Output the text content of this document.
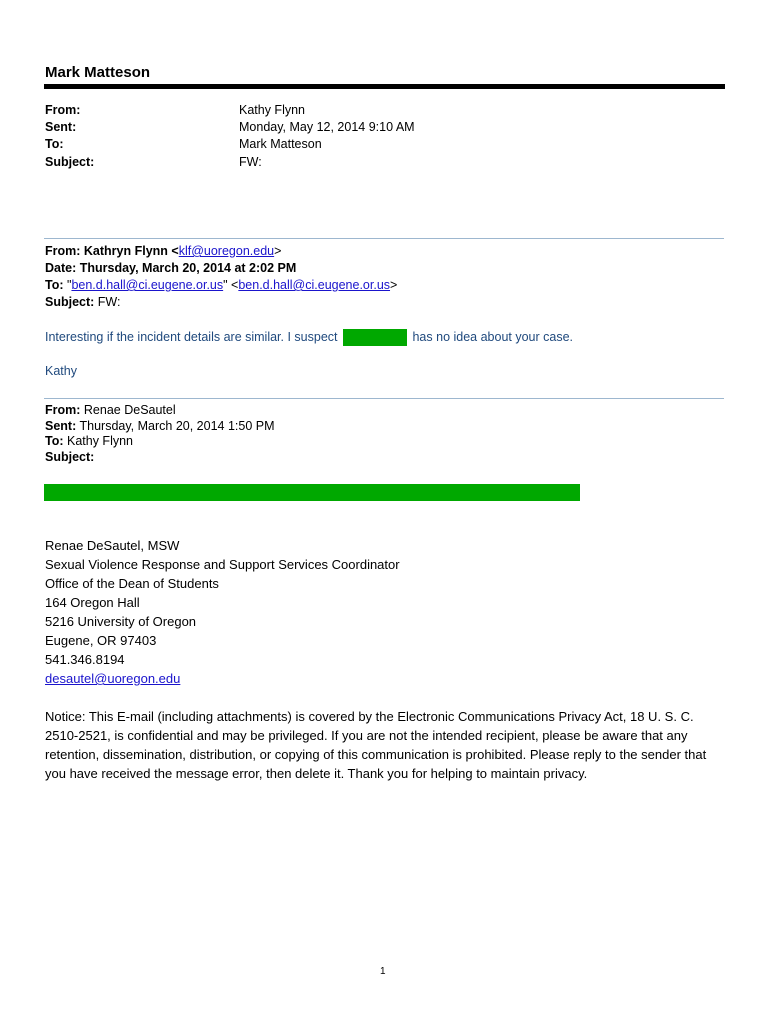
Mark Matteson
From:	Kathy Flynn
Sent:	Monday, May 12, 2014 9:10 AM
To:	Mark Matteson
Subject:	FW:
From: Kathryn Flynn <klf@uoregon.edu>
Date: Thursday, March 20, 2014 at 2:02 PM
To: "ben.d.hall@ci.eugene.or.us" <ben.d.hall@ci.eugene.or.us>
Subject: FW:
Interesting if the incident details are similar. I suspect	has no idea about your case.
Kathy
From: Renae DeSautel
Sent: Thursday, March 20, 2014 1:50 PM
To: Kathy Flynn
Subject:
Renae DeSautel, MSW
Sexual Violence Response and Support Services Coordinator
Office of the Dean of Students
164 Oregon Hall
5216 University of Oregon
Eugene, OR 97403
541.346.8194
desautel@uoregon.edu
Notice: This E-mail (including attachments) is covered by the Electronic Communications Privacy Act, 18 U. S. C. 2510-2521, is confidential and may be privileged. If you are not the intended recipient, please be aware that any retention, dissemination, distribution, or copying of this communication is prohibited. Please reply to the sender that you have received the message error, then delete it. Thank you for helping to maintain privacy.
1
